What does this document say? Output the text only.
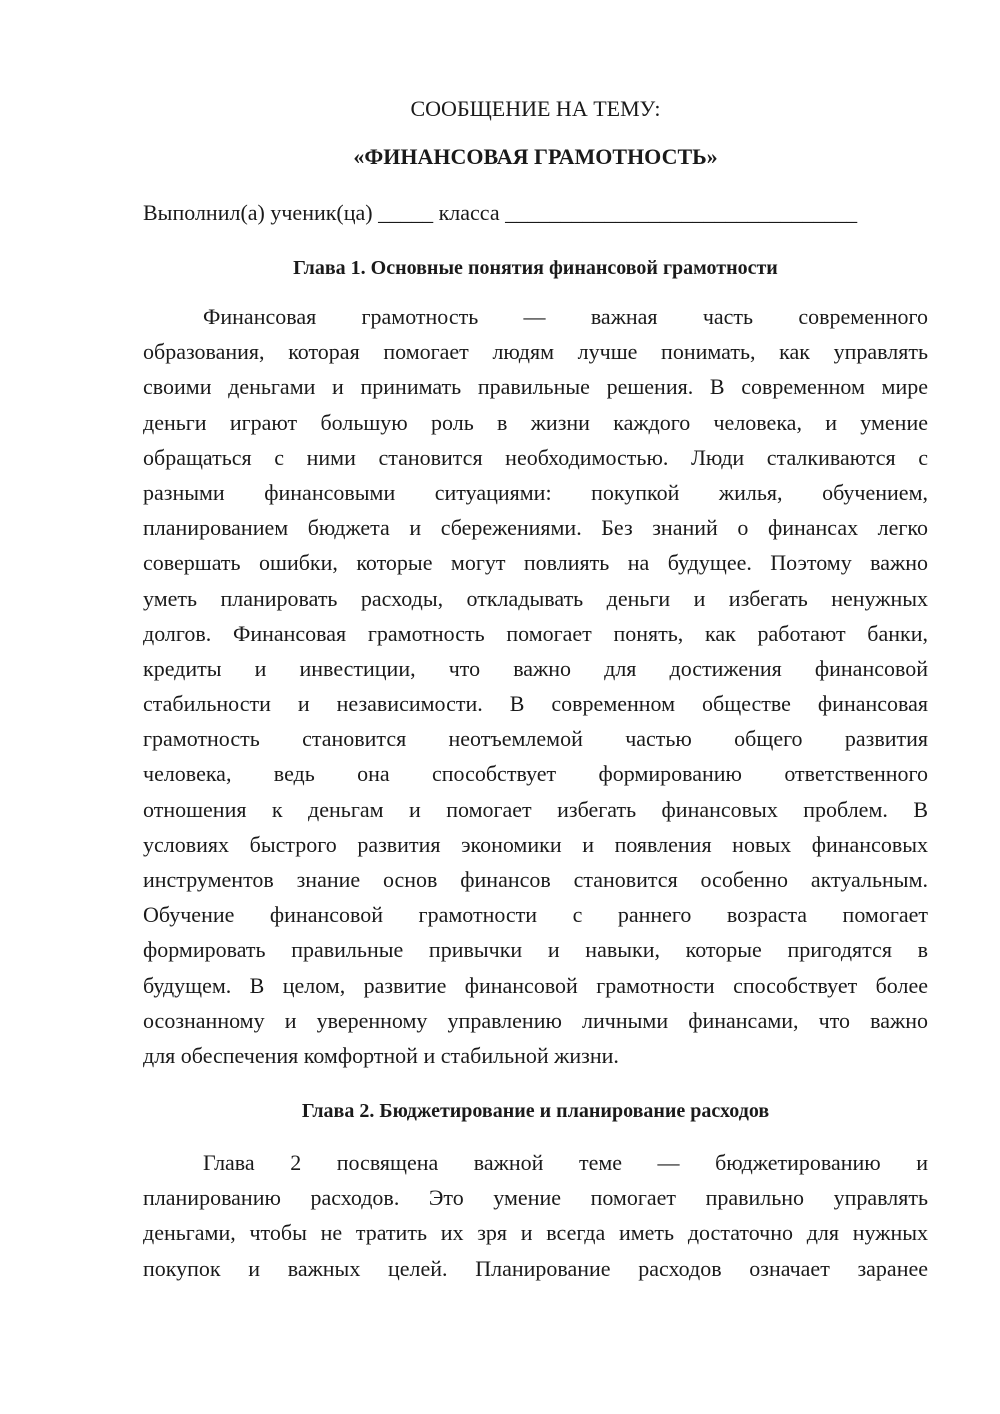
СООБЩЕНИЕ НА ТЕМУ:
«ФИНАНСОВАЯ ГРАМОТНОСТЬ»
Выполнил(а) ученик(ца) _____ класса ________________________________
Глава 1. Основные понятия финансовой грамотности
Финансовая грамотность — важная часть современного
образования, которая помогает людям лучше понимать, как управлять
своими деньгами и принимать правильные решения. В современном мире
деньги играют большую роль в жизни каждого человека, и умение
обращаться с ними становится необходимостью. Люди сталкиваются с
разными финансовыми ситуациями: покупкой жилья, обучением,
планированием бюджета и сбережениями. Без знаний о финансах легко
совершать ошибки, которые могут повлиять на будущее. Поэтому важно
уметь планировать расходы, откладывать деньги и избегать ненужных
долгов. Финансовая грамотность помогает понять, как работают банки,
кредиты и инвестиции, что важно для достижения финансовой
стабильности и независимости. В современном обществе финансовая
грамотность становится неотъемлемой частью общего развития
человека, ведь она способствует формированию ответственного
отношения к деньгам и помогает избегать финансовых проблем. В
условиях быстрого развития экономики и появления новых финансовых
инструментов знание основ финансов становится особенно актуальным.
Обучение финансовой грамотности с раннего возраста помогает
формировать правильные привычки и навыки, которые пригодятся в
будущем. В целом, развитие финансовой грамотности способствует более
осознанному и уверенному управлению личными финансами, что важно
для обеспечения комфортной и стабильной жизни.
Глава 2. Бюджетирование и планирование расходов
Глава 2 посвящена важной теме — бюджетированию и
планированию расходов. Это умение помогает правильно управлять
деньгами, чтобы не тратить их зря и всегда иметь достаточно для нужных
покупок и важных целей. Планирование расходов означает заранее
